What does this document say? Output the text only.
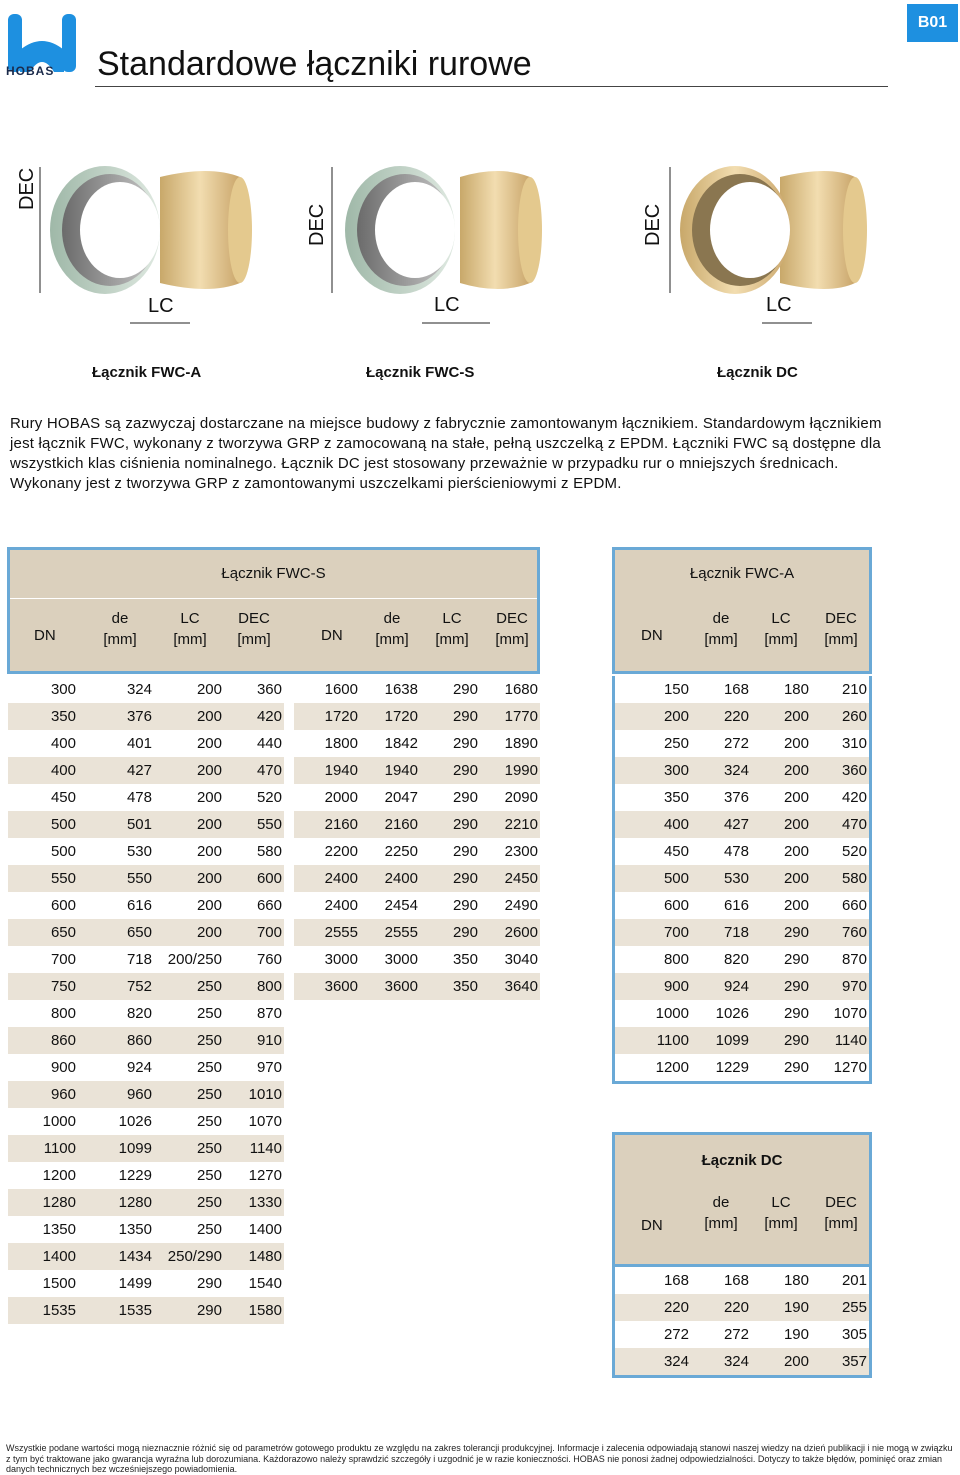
HOBAS Standardowe łączniki rurowe
B01
DEC
LC
DEC
LC
DEC
LC
Łącznik FWC-A	Łącznik FWC-S	Łącznik DC
Rury HOBAS są zazwyczaj dostarczane na miejsce budowy z fabrycznie zamontowanym łącznikiem. Standardowym łącznikiem jest łącznik FWC, wykonany z tworzywa GRP z zamocowaną na stałe, pełną uszczelką z EPDM. Łączniki FWC są dostępne dla wszystkich klas ciśnienia nominalnego. Łącznik DC jest stosowany przeważnie w przypadku rur o mniejszych średnicach. Wykonany jest z tworzywa GRP z zamontowanymi uszczelkami pierścieniowymi z EPDM.
Łącznik FWC-S
DN
de
[mm]
LC
[mm]
DEC
[mm]	DN
de
[mm]
LC
[mm]
DEC
[mm]
300	324	200	360
350	376	200	420
400	401	200	440
400	427	200	470
450	478	200	520
500	501	200	550
500	530	200	580
550	550	200	600
600	616	200	660
650	650	200	700
700	718	200/250	760
750	752	250	800
800	820	250	870
860	860	250	910
900	924	250	970
960	960	250	1010
1000	1026	250	1070
1100	1099	250	1140
1200	1229	250	1270
1280	1280	250	1330
1350	1350	250	1400
1400	1434	250/290	1480
1500	1499	290	1540
1535	1535	290	1580
1600	1638	290	1680
1720	1720	290	1770
1800	1842	290	1890
1940	1940	290	1990
2000	2047	290	2090
2160	2160	290	2210
2200	2250	290	2300
2400	2400	290	2450
2400	2454	290	2490
2555	2555	290	2600
3000	3000	350	3040
3600	3600	350	3640
Łącznik FWC-A
DN
de
[mm]
LC
[mm]
DEC
[mm]
150	168	180	210
200	220	200	260
250	272	200	310
300	324	200	360
350	376	200	420
400	427	200	470
450	478	200	520
500	530	200	580
600	616	200	660
700	718	290	760
800	820	290	870
900	924	290	970
1000	1026	290	1070
1100	1099	290	1140
1200	1229	290	1270
Łącznik DC
DN
de
[mm]
LC
[mm]
DEC
[mm]
168	168	180	201
220	220	190	255
272	272	190	305
324	324	200	357
Wszystkie podane wartości mogą nieznacznie różnić się od parametrów gotowego produktu ze względu na zakres tolerancji produkcyjnej. Informacje i zalecenia odpowiadają stanowi naszej wiedzy na dzień publikacji i nie mogą w związku z tym być traktowane jako gwarancja wyraźna lub dorozumiana. Każdorazowo należy sprawdzić szczegóły i uzgodnić je w razie konieczności. HOBAS nie ponosi żadnej odpowiedzialności. Dotyczy to także błędów, pominięć oraz zmian danych technicznych bez wcześniejszego powiadomienia.
